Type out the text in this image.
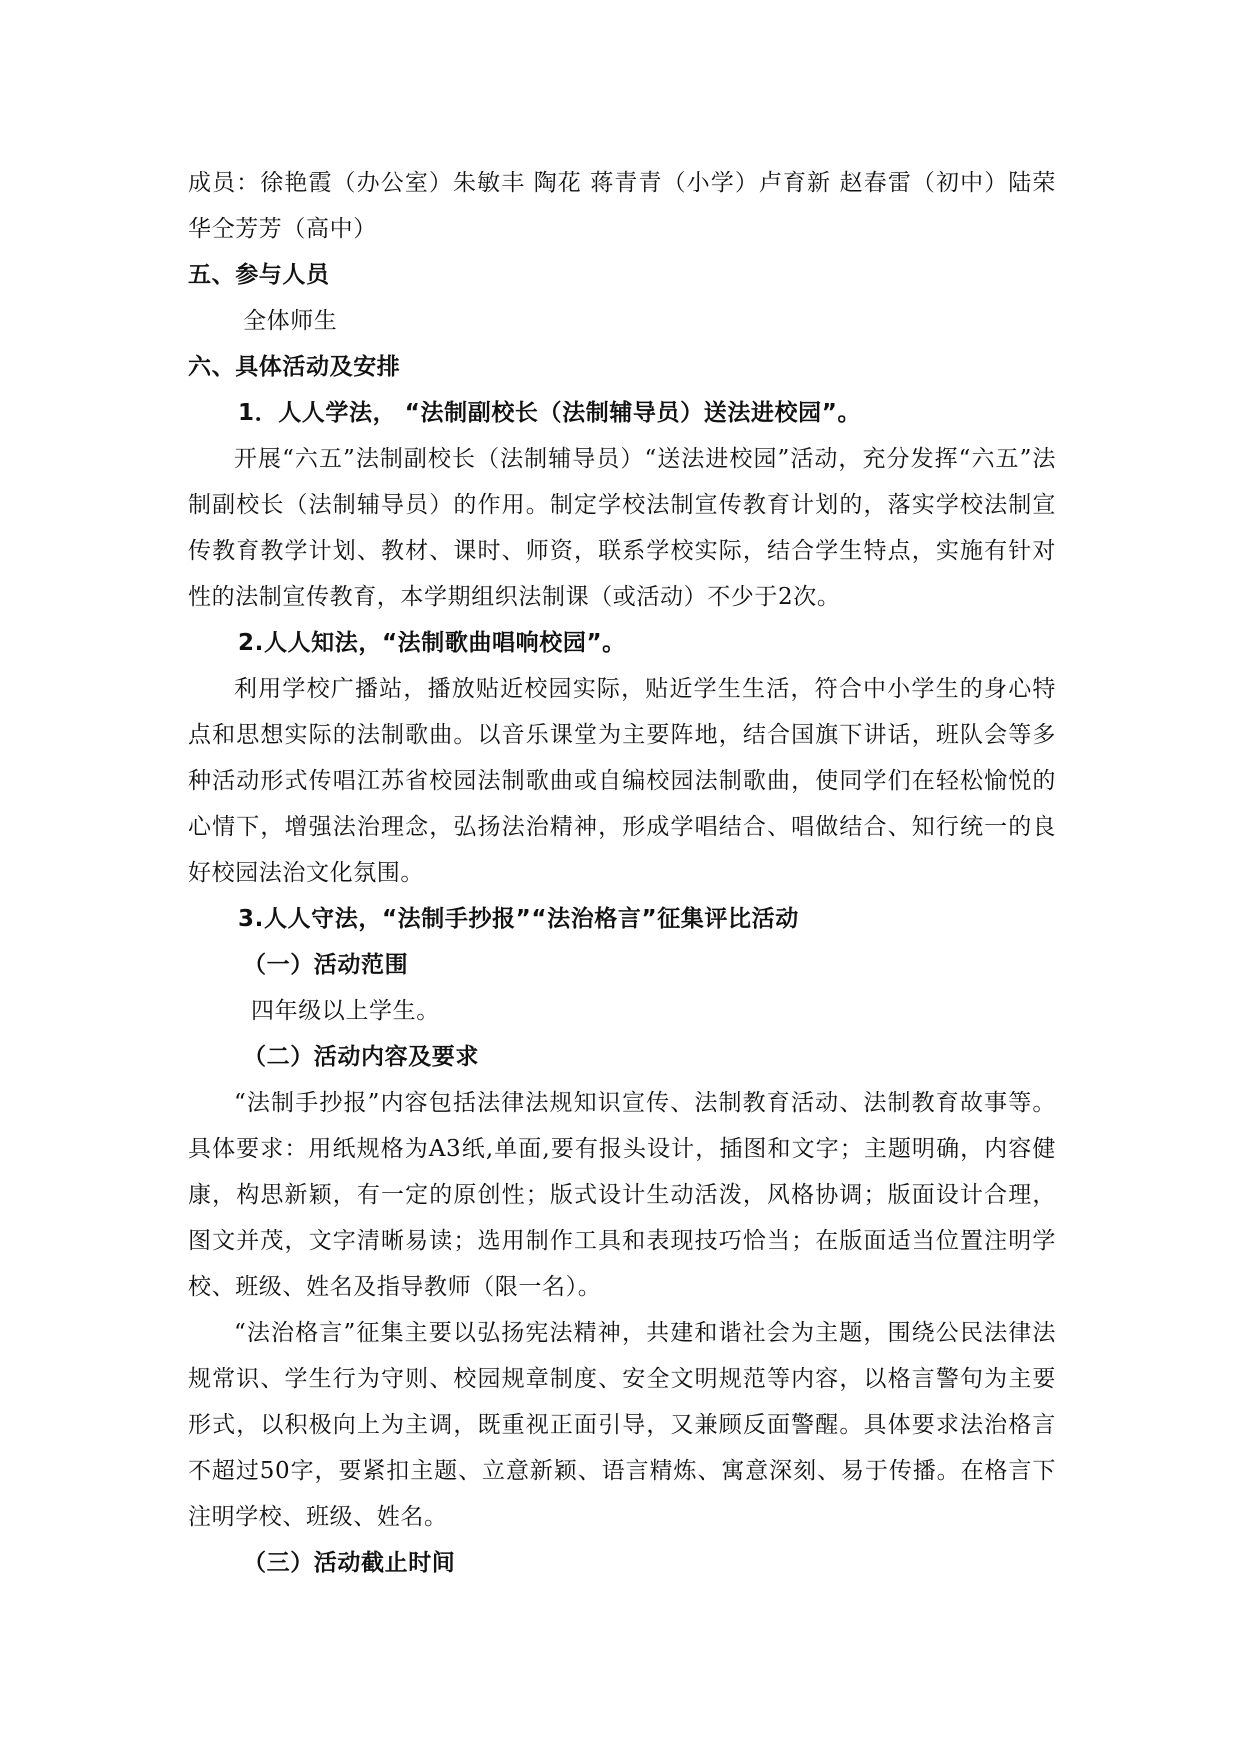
成员：徐艳霞（办公室）朱敏丰 陶花 蒋青青（小学）卢育新 赵春雷（初中）陆荣华仝芳芳（高中）

五、参与人员

全体师生

六、具体活动及安排

1．人人学法， “法制副校长（法制辅导员）送法进校园”。

开展“六五”法制副校长（法制辅导员）“送法进校园”活动，充分发挥“六五”法制副校长（法制辅导员）的作用。制定学校法制宣传教育计划的，落实学校法制宣传教育教学计划、教材、课时、师资，联系学校实际，结合学生特点，实施有针对性的法制宣传教育，本学期组织法制课（或活动）不少于2次。

2.人人知法，“法制歌曲唱响校园”。

利用学校广播站，播放贴近校园实际，贴近学生生活，符合中小学生的身心特点和思想实际的法制歌曲。以音乐课堂为主要阵地，结合国旗下讲话，班队会等多种活动形式传唱江苏省校园法制歌曲或自编校园法制歌曲，使同学们在轻松愉悦的心情下，增强法治理念，弘扬法治精神，形成学唱结合、唱做结合、知行统一的良好校园法治文化氛围。

3.人人守法，“法制手抄报”“法治格言”征集评比活动

（一）活动范围

四年级以上学生。

（二）活动内容及要求

“法制手抄报”内容包括法律法规知识宣传、法制教育活动、法制教育故事等。具体要求：用纸规格为A3纸,单面,要有报头设计，插图和文字；主题明确，内容健康，构思新颖，有一定的原创性；版式设计生动活泼，风格协调；版面设计合理，图文并茂，文字清晰易读；选用制作工具和表现技巧恰当；在版面适当位置注明学校、班级、姓名及指导教师（限一名）。

“法治格言”征集主要以弘扬宪法精神，共建和谐社会为主题，围绕公民法律法规常识、学生行为守则、校园规章制度、安全文明规范等内容，以格言警句为主要形式，以积极向上为主调，既重视正面引导，又兼顾反面警醒。具体要求法治格言不超过50字，要紧扣主题、立意新颖、语言精炼、寓意深刻、易于传播。在格言下注明学校、班级、姓名。

（三）活动截止时间
